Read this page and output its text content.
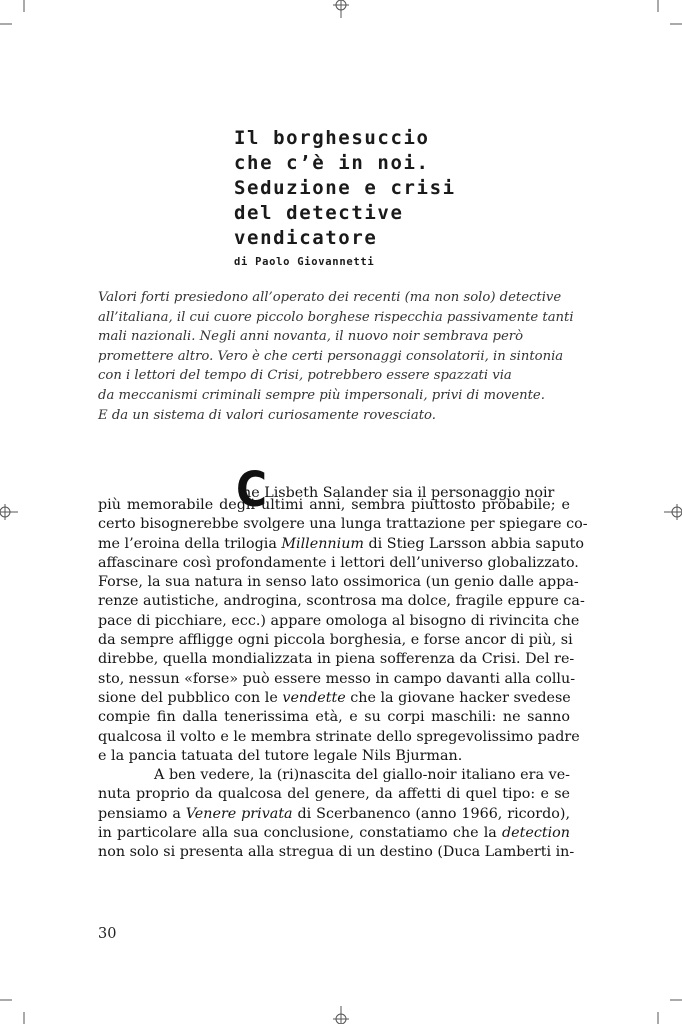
Il borghesuccio

che c’è in noi.

Seduzione e crisi

del detective

vendicatore

di Paolo Giovannetti

Valori forti presiedono all’operato dei recenti (ma non solo) detective

all’italiana, il cui cuore piccolo borghese rispecchia passivamente tanti

mali nazionali. Negli anni novanta, il nuovo noir sembrava però

promettere altro. Vero è che certi personaggi consolatorii, in sintonia

con i lettori del tempo di Crisi, potrebbero essere spazzati via

da meccanismi criminali sempre più impersonali, privi di movente.

E da un sistema di valori curiosamente rovesciato.

C
he Lisbeth Salander sia il personaggio noir

più memorabile degli ultimi anni, sembra piuttosto probabile; e

certo bisognerebbe svolgere una lunga trattazione per spiegare co-

me l’eroina della trilogia Millennium di Stieg Larsson abbia saputo

affascinare così profondamente i lettori dell’universo globalizzato.

Forse, la sua natura in senso lato ossimorica (un genio dalle appa-

renze autistiche, androgina, scontrosa ma dolce, fragile eppure ca-

pace di picchiare, ecc.) appare omologa al bisogno di rivincita che

da sempre affligge ogni piccola borghesia, e forse ancor di più, si

direbbe, quella mondializzata in piena sofferenza da Crisi. Del re-

sto, nessun «forse» può essere messo in campo davanti alla collu-

sione del pubblico con le vendette che la giovane hacker svedese

compie fin dalla tenerissima età, e su corpi maschili: ne sanno

qualcosa il volto e le membra strinate dello spregevolissimo padre

e la pancia tatuata del tutore legale Nils Bjurman.

A ben vedere, la (ri)nascita del giallo-noir italiano era ve-

nuta proprio da qualcosa del genere, da affetti di quel tipo: e se

pensiamo a Venere privata di Scerbanenco (anno 1966, ricordo),

in particolare alla sua conclusione, constatiamo che la detection

non solo si presenta alla stregua di un destino (Duca Lamberti in-

30
